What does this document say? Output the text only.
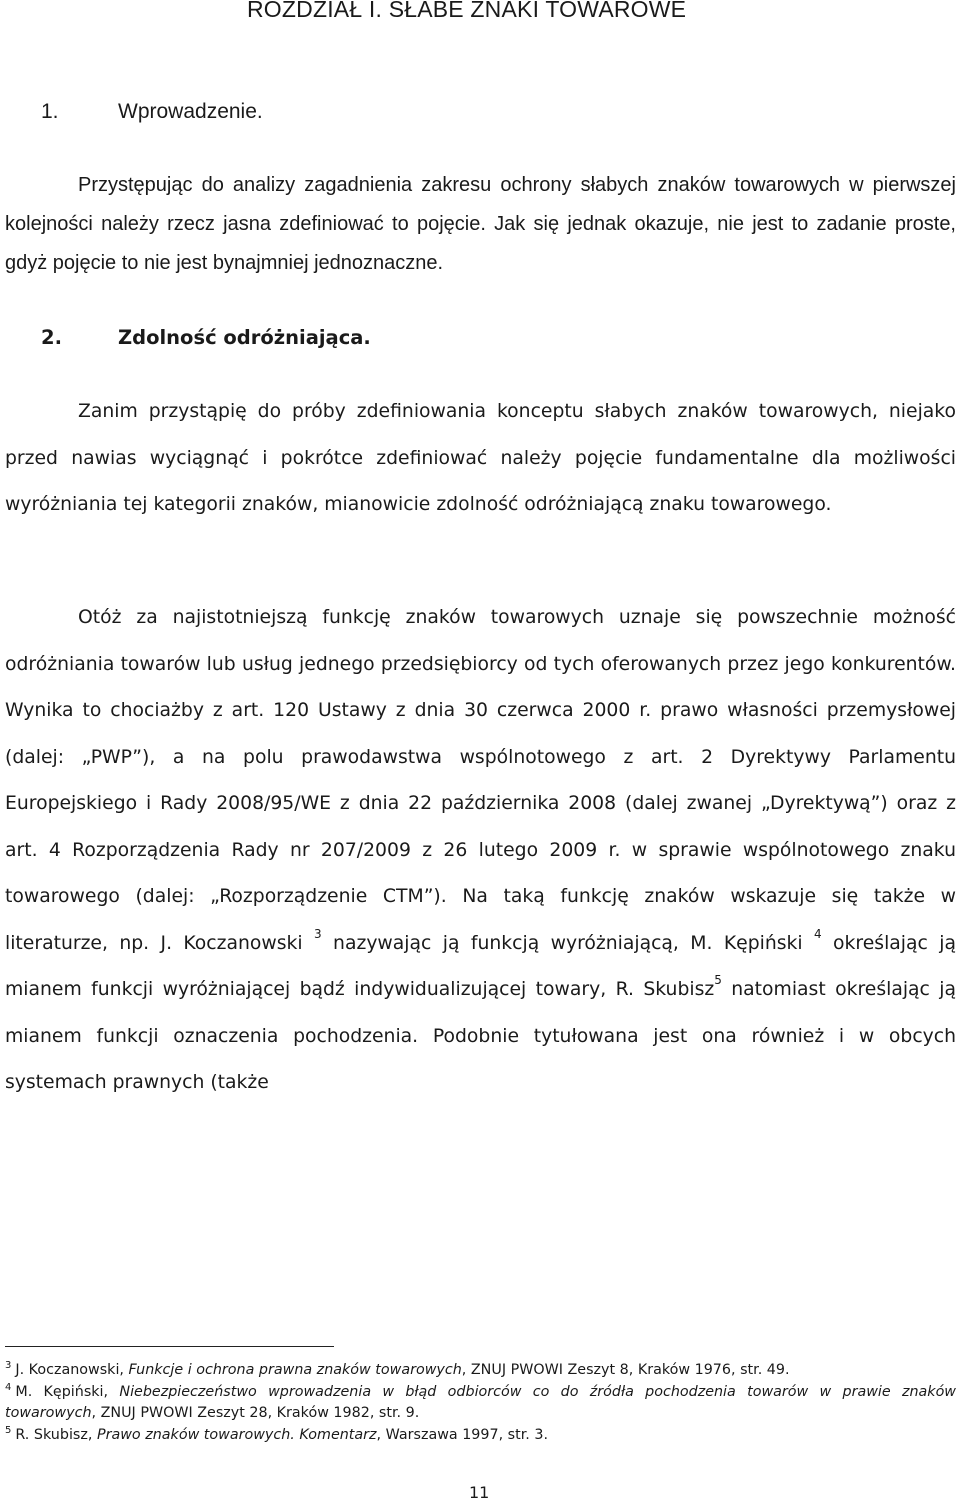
ROZDZIAŁ I. SŁABE ZNAKI TOWAROWE
1.	Wprowadzenie.

Przystępując do analizy zagadnienia zakresu ochrony słabych znaków towarowych w pierwszej kolejności należy rzecz jasna zdefiniować to pojęcie. Jak się jednak okazuje, nie jest to zadanie proste, gdyż pojęcie to nie jest bynajmniej jednoznaczne.

2.	Zdolność odróżniająca.

Zanim przystąpię do próby zdefiniowania konceptu słabych znaków towarowych, niejako przed nawias wyciągnąć i pokrótce zdefiniować należy pojęcie fundamentalne dla możliwości wyróżniania tej kategorii znaków, mianowicie zdolność odróżniającą znaku towarowego.

Otóż za najistotniejszą funkcję znaków towarowych uznaje się powszechnie możność odróżniania towarów lub usług jednego przedsiębiorcy od tych oferowanych przez jego konkurentów. Wynika to chociażby z art. 120 Ustawy z dnia 30 czerwca 2000 r. prawo własności przemysłowej (dalej: „PWP”), a na polu prawodawstwa wspólnotowego z art. 2 Dyrektywy Parlamentu Europejskiego i Rady 2008/95/WE z dnia 22 października 2008 (dalej zwanej „Dyrektywą”) oraz z art. 4 Rozporządzenia Rady nr 207/2009 z 26 lutego 2009 r. w sprawie wspólnotowego znaku towarowego (dalej: „Rozporządzenie CTM”). Na taką funkcję znaków wskazuje się także w literaturze, np. J. Koczanowski $^3$ nazywając ją funkcją wyróżniającą, M. Kępiński $^4$ określając ją mianem funkcji wyróżniającej bądź indywidualizującej towary, R. Skubisz$^5$ natomiast określając ją mianem funkcji oznaczenia pochodzenia. Podobnie tytułowana jest ona również i w obcych systemach prawnych (także

$^3$ J. Koczanowski, Funkcje i ochrona prawna znaków towarowych, ZNUJ PWOWI Zeszyt 8, Kraków 1976, str. 49.

$^4$ M. Kępiński, Niebezpieczeństwo wprowadzenia w błąd odbiorców co do źródła pochodzenia towarów w prawie znaków towarowych, ZNUJ PWOWI Zeszyt 28, Kraków 1982, str. 9.

$^5$ R. Skubisz, Prawo znaków towarowych. Komentarz, Warszawa 1997, str. 3.

11
